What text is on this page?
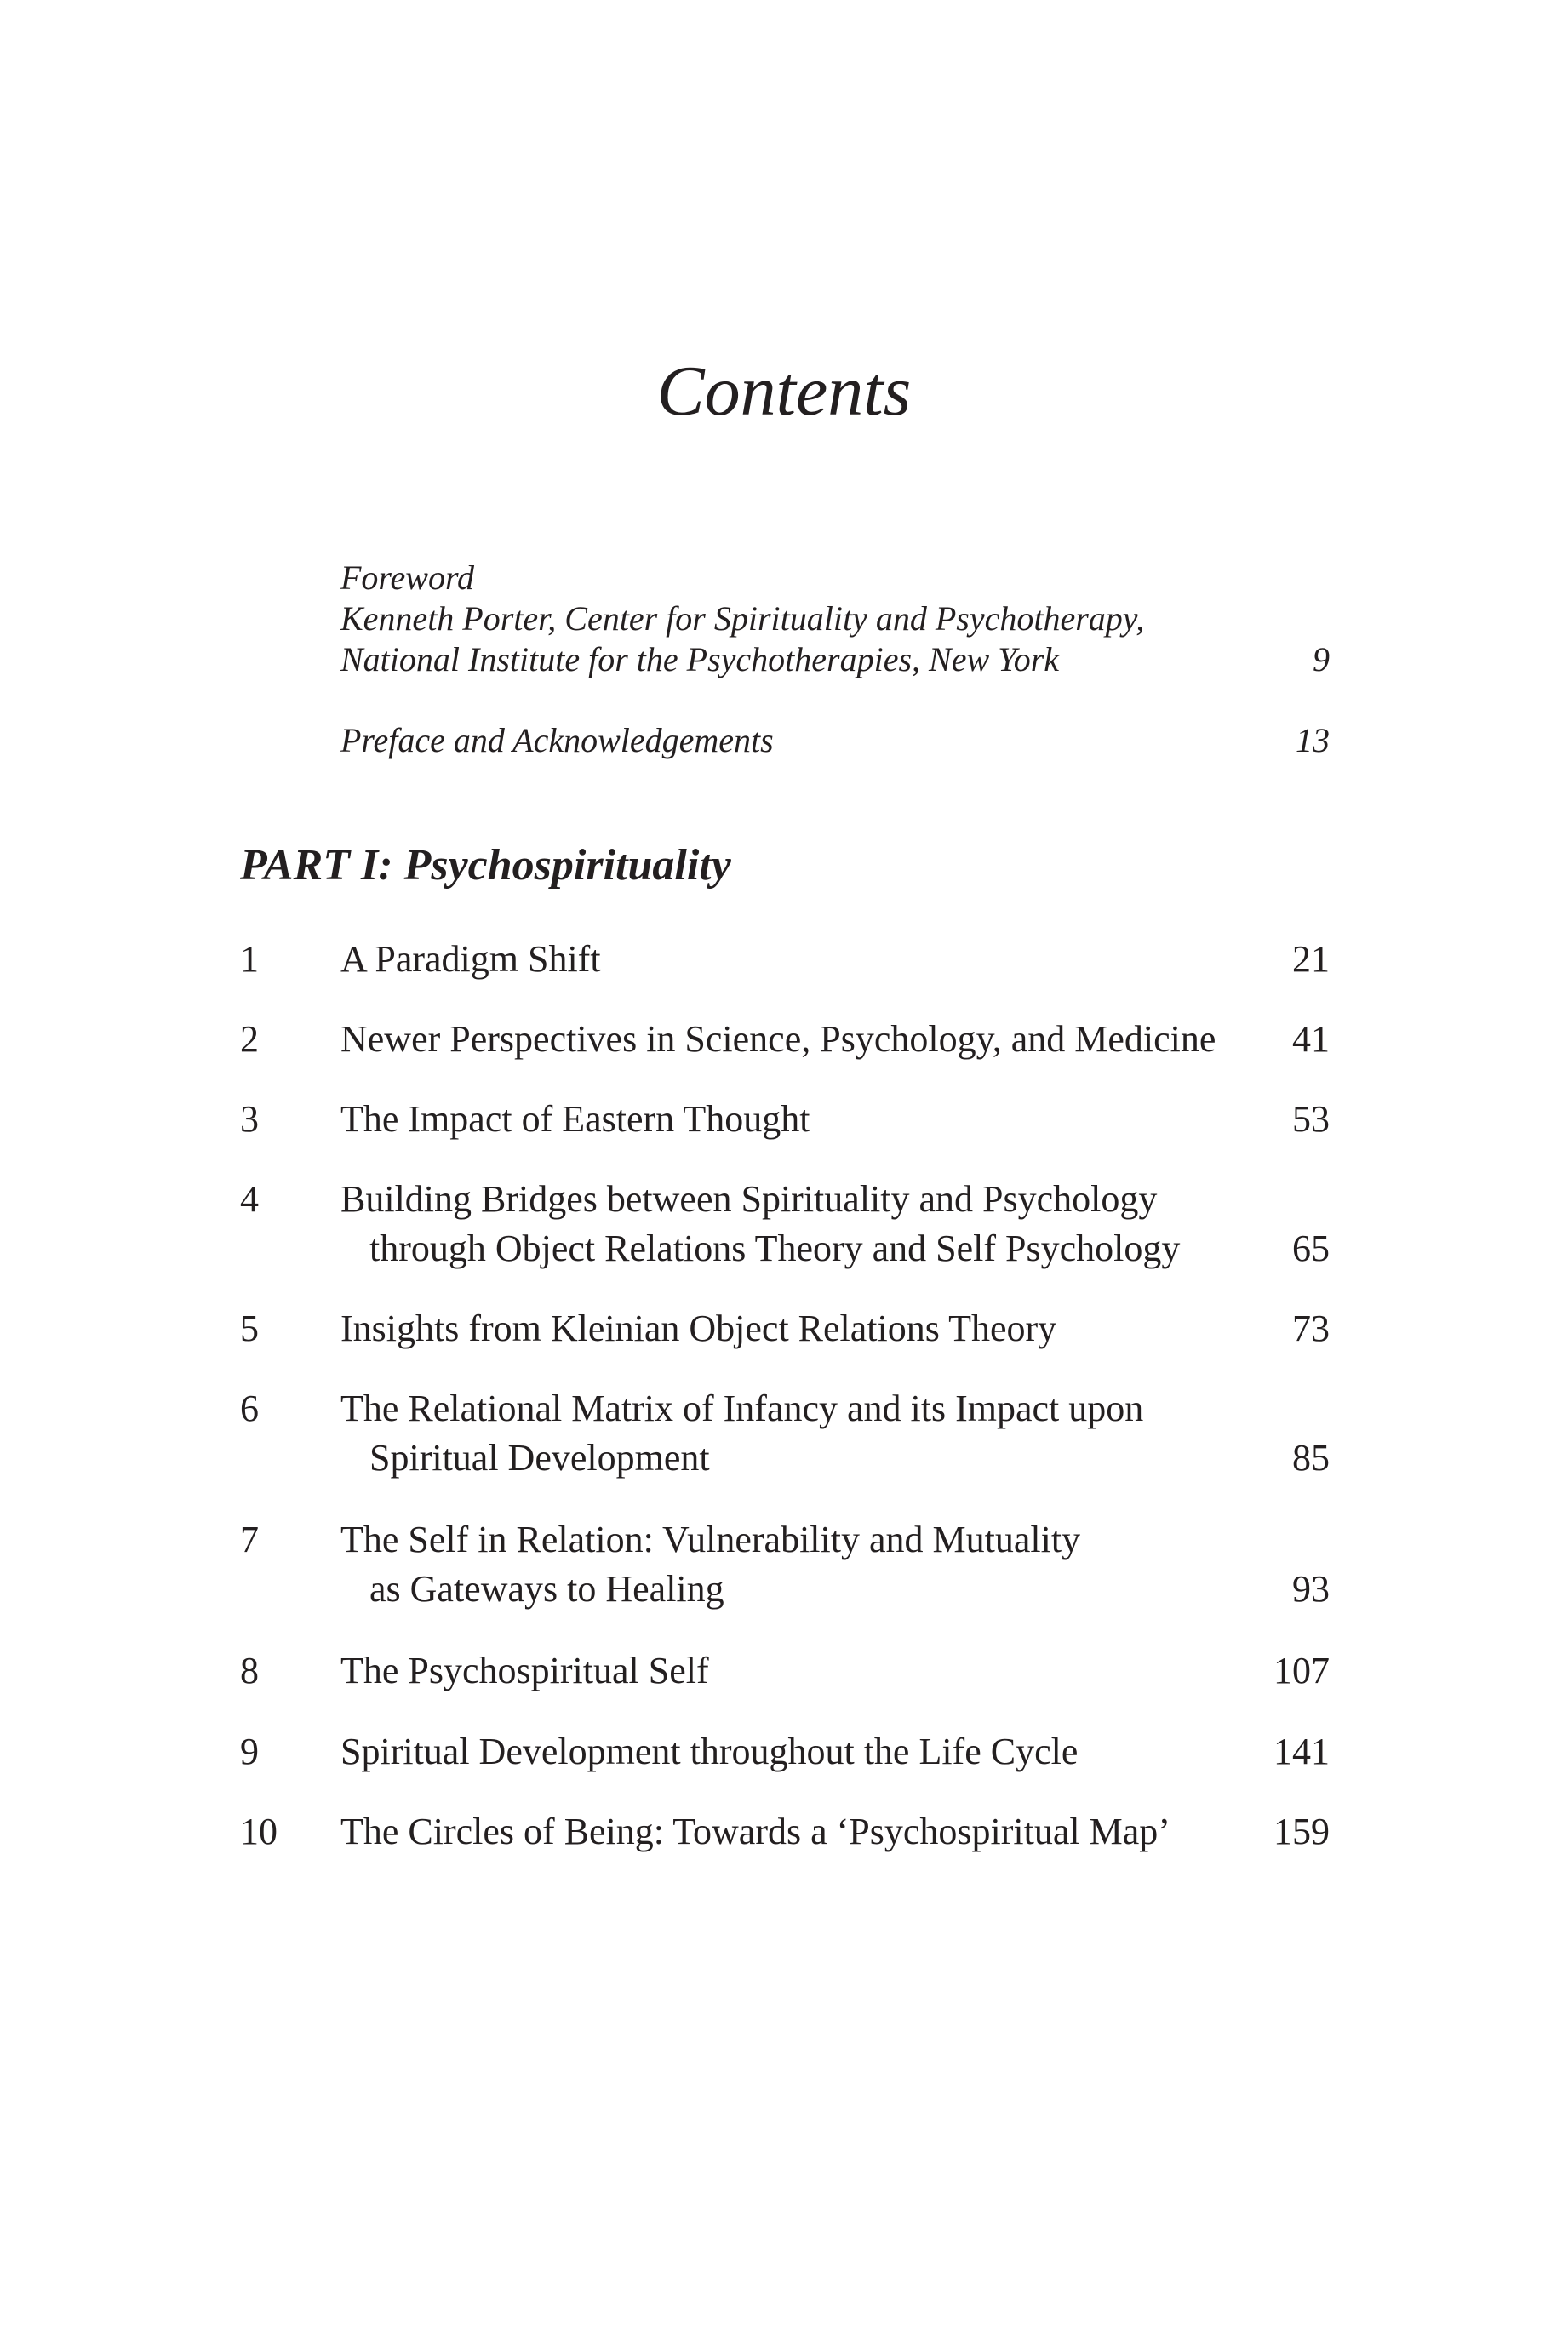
Contents
Foreword
Kenneth Porter, Center for Spirituality and Psychotherapy,
National Institute for the Psychotherapies, New York	9
Preface and Acknowledgements	13
PART I: Psychospirituality
1 A Paradigm Shift	21
2 Newer Perspectives in Science, Psychology, and Medicine 41
3 The Impact of Eastern Thought	53
4 Building Bridges between Spirituality and Psychology
through Object Relations Theory and Self Psychology	65
5 Insights from Kleinian Object Relations Theory	73
6 The Relational Matrix of Infancy and its Impact upon
Spiritual Development	85
7 The Self in Relation: Vulnerability and Mutuality
as Gateways to Healing	93
8 The Psychospiritual Self	107
9 Spiritual Development throughout the Life Cycle	141
10 The Circles of Being: Towards a ‘Psychospiritual Map’	159
